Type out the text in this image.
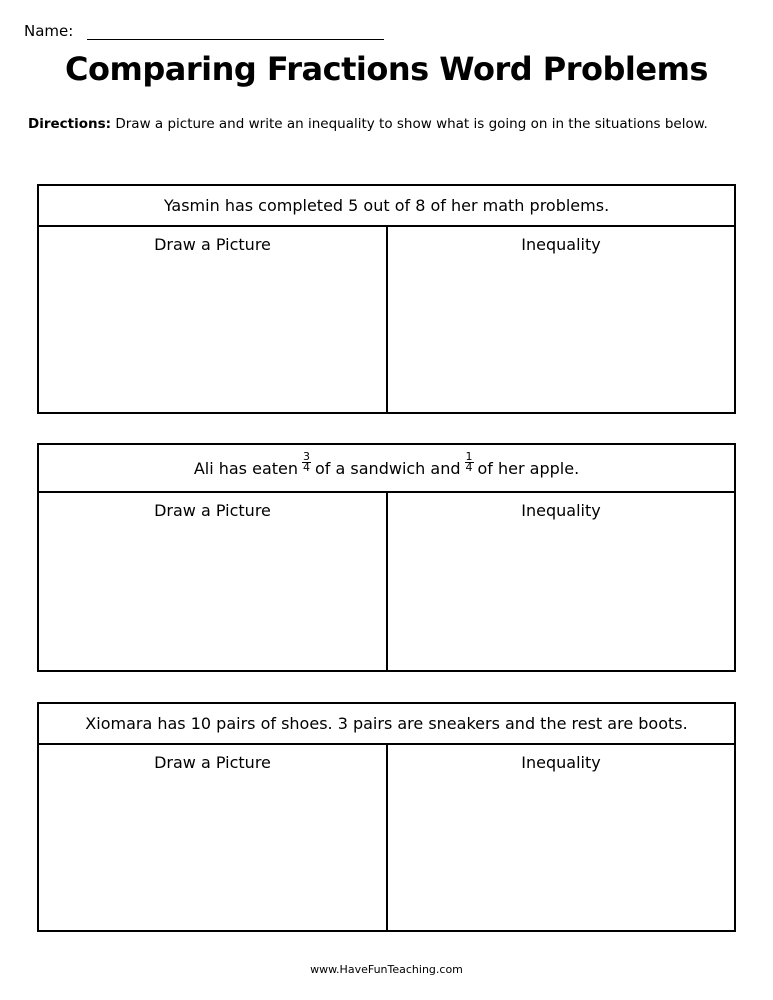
Name:
Comparing Fractions Word Problems
Directions: Draw a picture and write an inequality to show what is going on in the situations below.
Yasmin has completed 5 out of 8 of her math problems.
Draw a Picture	Inequality
Ali has eaten $\frac{3}{4}$ of a sandwich and $\frac{1}{4}$ of her apple.
Draw a Picture	Inequality
Xiomara has 10 pairs of shoes. 3 pairs are sneakers and the rest are boots.
Draw a Picture	Inequality
www.HaveFunTeaching.com
